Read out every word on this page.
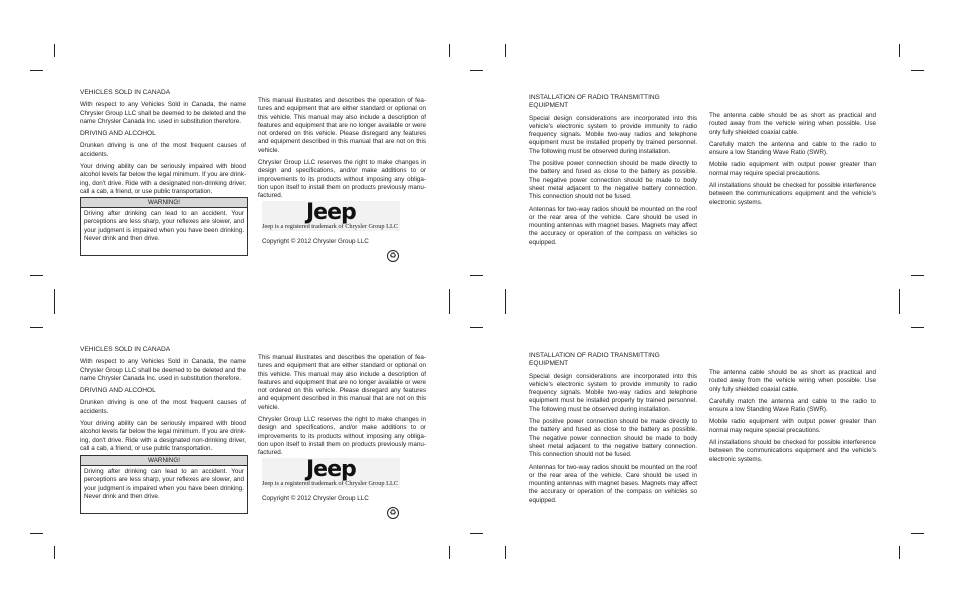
VEHICLES SOLD IN CANADA

With respect to any Vehicles Sold in Canada, the name Chrysler Group LLC shall be deemed to be deleted and the name Chrysler Canada Inc. used in substitution therefore.

DRIVING AND ALCOHOL

Drunken driving is one of the most frequent causes of accidents.

Your driving ability can be seriously impaired with blood alcohol levels far below the legal minimum. If you are drink-ing, don't drive. Ride with a designated non-drinking driver, call a cab, a friend, or use public transportation.

WARNING!
Driving after drinking can lead to an accident. Your perceptions are less sharp, your reflexes are slower, and your judgment is impaired when you have been drinking. Never drink and then drive.

This manual illustrates and describes the operation of fea-tures and equipment that are either standard or optional on this vehicle. This manual may also include a description of features and equipment that are no longer available or were not ordered on this vehicle. Please disregard any features and equipment described in this manual that are not on this vehicle.

Chrysler Group LLC reserves the right to make changes in design and specifications, and/or make additions to or improvements to its products without imposing any obliga-tion upon itself to install them on products previously manu-factured.

Jeep
Jeep is a registered trademark of Chrysler Group LLC
Copyright © 2012 Chrysler Group LLC
♻

INSTALLATION OF RADIO TRANSMITTING EQUIPMENT

Special design considerations are incorporated into this vehicle's electronic system to provide immunity to radio frequency signals. Mobile two-way radios and telephone equipment must be installed properly by trained personnel. The following must be observed during installation.

The positive power connection should be made directly to the battery and fused as close to the battery as possible. The negative power connection should be made to body sheet metal adjacent to the negative battery connection. This connection should not be fused.

Antennas for two-way radios should be mounted on the roof or the rear area of the vehicle. Care should be used in mounting antennas with magnet bases. Magnets may affect the accuracy or operation of the compass on vehicles so equipped.

The antenna cable should be as short as practical and routed away from the vehicle wiring when possible. Use only fully shielded coaxial cable.

Carefully match the antenna and cable to the radio to ensure a low Standing Wave Ratio (SWR).

Mobile radio equipment with output power greater than normal may require special precautions.

All installations should be checked for possible interference between the communications equipment and the vehicle's electronic systems.

VEHICLES SOLD IN CANADA

With respect to any Vehicles Sold in Canada, the name Chrysler Group LLC shall be deemed to be deleted and the name Chrysler Canada Inc. used in substitution therefore.

DRIVING AND ALCOHOL

Drunken driving is one of the most frequent causes of accidents.

Your driving ability can be seriously impaired with blood alcohol levels far below the legal minimum. If you are drink-ing, don't drive. Ride with a designated non-drinking driver, call a cab, a friend, or use public transportation.

WARNING!
Driving after drinking can lead to an accident. Your perceptions are less sharp, your reflexes are slower, and your judgment is impaired when you have been drinking. Never drink and then drive.

This manual illustrates and describes the operation of fea-tures and equipment that are either standard or optional on this vehicle. This manual may also include a description of features and equipment that are no longer available or were not ordered on this vehicle. Please disregard any features and equipment described in this manual that are not on this vehicle.

Chrysler Group LLC reserves the right to make changes in design and specifications, and/or make additions to or improvements to its products without imposing any obliga-tion upon itself to install them on products previously manu-factured.

Jeep
Jeep is a registered trademark of Chrysler Group LLC
Copyright © 2012 Chrysler Group LLC
♻

INSTALLATION OF RADIO TRANSMITTING EQUIPMENT

Special design considerations are incorporated into this vehicle's electronic system to provide immunity to radio frequency signals. Mobile two-way radios and telephone equipment must be installed properly by trained personnel. The following must be observed during installation.

The positive power connection should be made directly to the battery and fused as close to the battery as possible. The negative power connection should be made to body sheet metal adjacent to the negative battery connection. This connection should not be fused.

Antennas for two-way radios should be mounted on the roof or the rear area of the vehicle. Care should be used in mounting antennas with magnet bases. Magnets may affect the accuracy or operation of the compass on vehicles so equipped.

The antenna cable should be as short as practical and routed away from the vehicle wiring when possible. Use only fully shielded coaxial cable.

Carefully match the antenna and cable to the radio to ensure a low Standing Wave Ratio (SWR).

Mobile radio equipment with output power greater than normal may require special precautions.

All installations should be checked for possible interference between the communications equipment and the vehicle's electronic systems.
